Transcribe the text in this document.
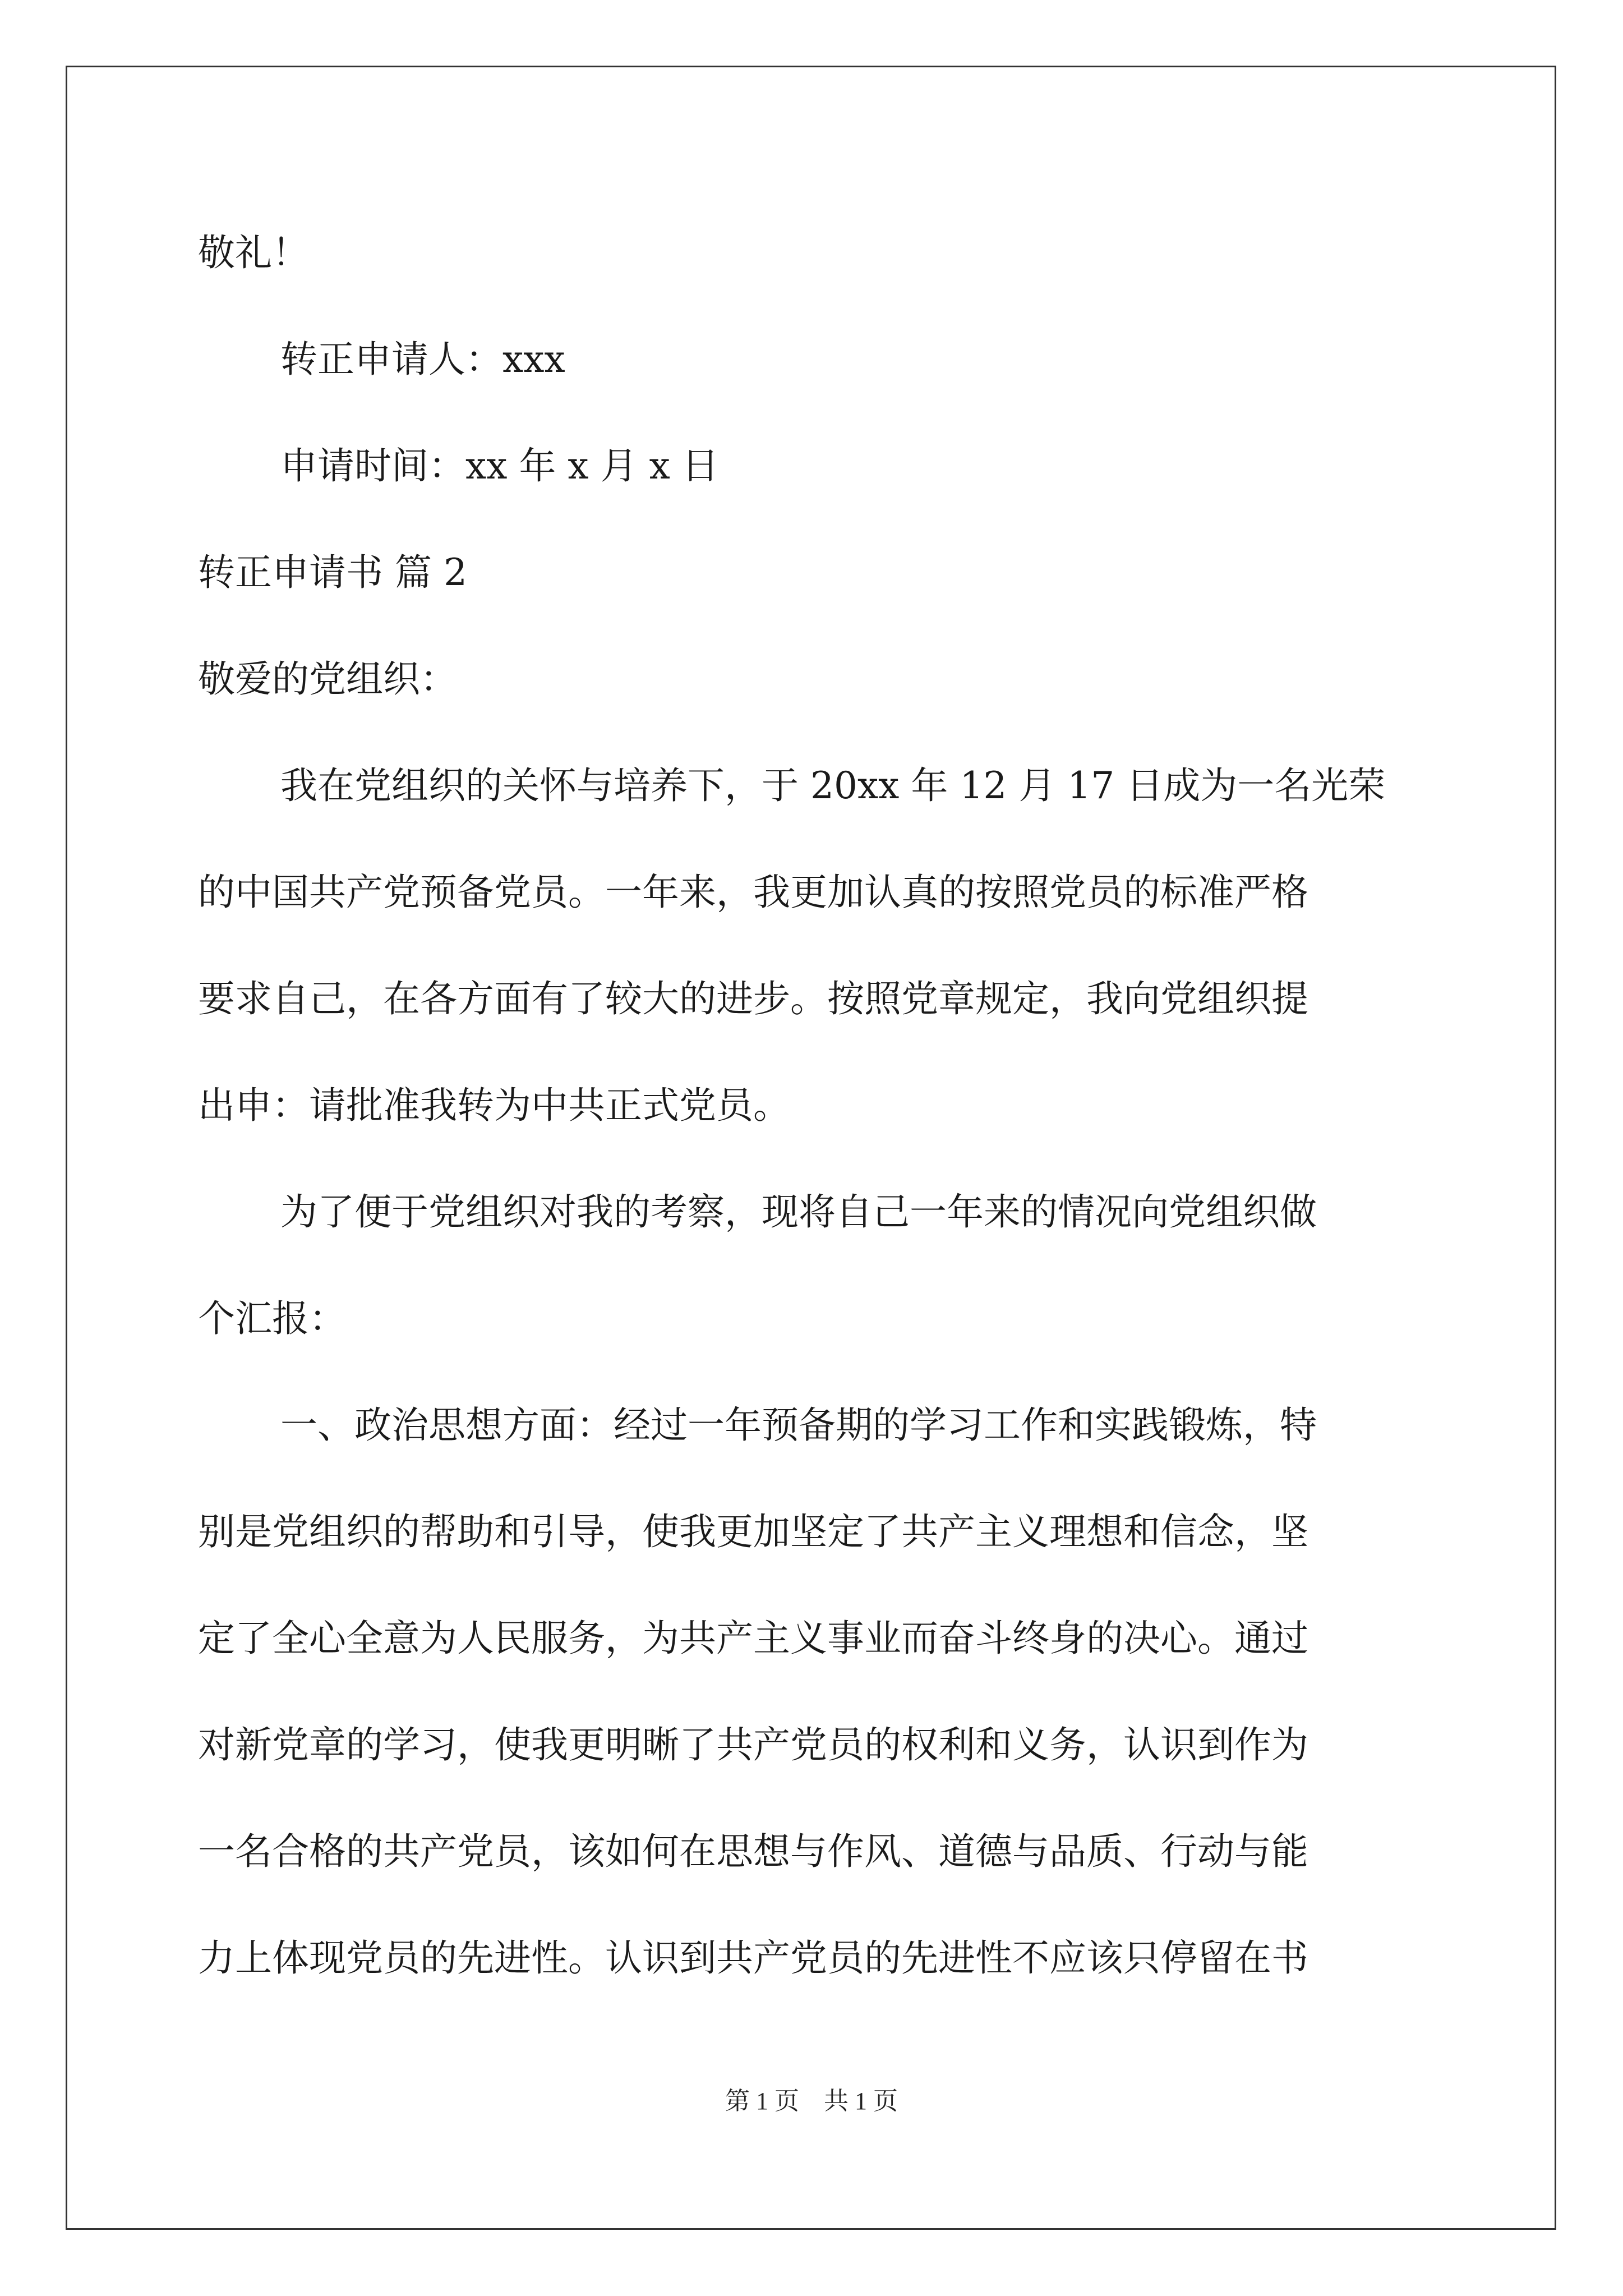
敬礼！
转正申请人：xxx
申请时间：xx 年 x 月 x 日
转正申请书 篇 2
敬爱的党组织：
我在党组织的关怀与培养下，于 20xx 年 12 月 17 日成为一名光荣
的中国共产党预备党员。一年来，我更加认真的按照党员的标准严格
要求自己，在各方面有了较大的进步。按照党章规定，我向党组织提
出申：请批准我转为中共正式党员。
为了便于党组织对我的考察，现将自己一年来的情况向党组织做
个汇报：
一、政治思想方面：经过一年预备期的学习工作和实践锻炼，特
别是党组织的帮助和引导，使我更加坚定了共产主义理想和信念，坚
定了全心全意为人民服务，为共产主义事业而奋斗终身的决心。通过
对新党章的学习，使我更明晰了共产党员的权利和义务，认识到作为
一名合格的共产党员，该如何在思想与作风、道德与品质、行动与能
力上体现党员的先进性。认识到共产党员的先进性不应该只停留在书
第 1 页　共 1 页
